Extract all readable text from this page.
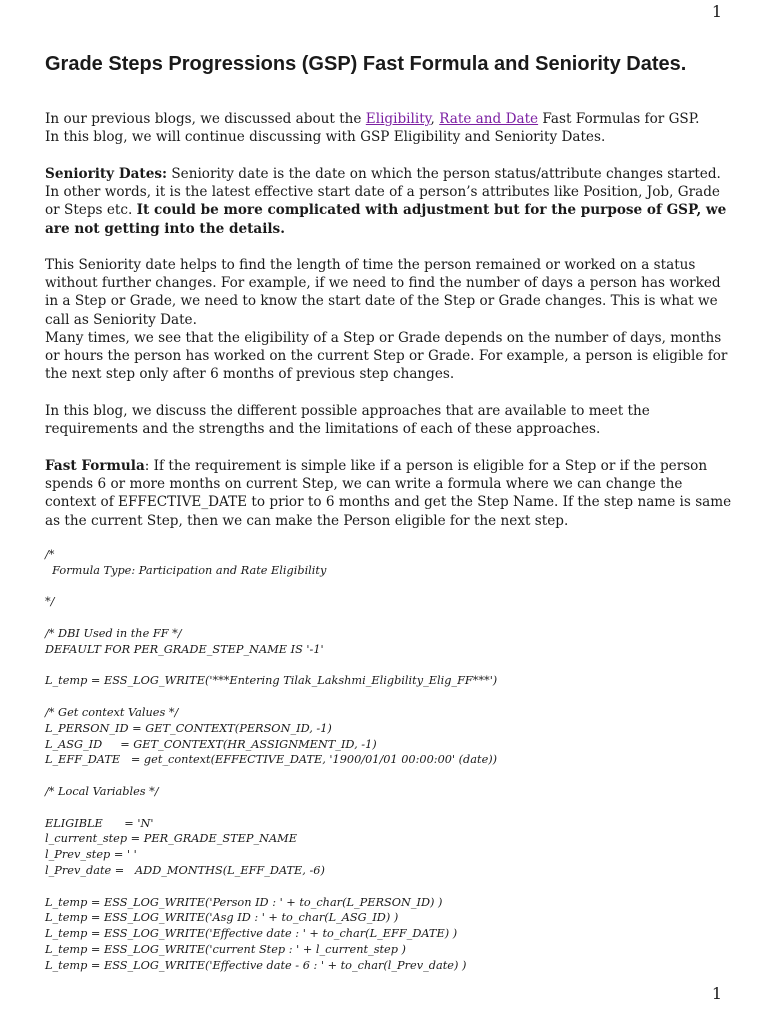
1
Grade Steps Progressions (GSP) Fast Formula and Seniority Dates.

In our previous blogs, we discussed about the Eligibility, Rate and Date Fast Formulas for GSP.

In this blog, we will continue discussing with GSP Eligibility and Seniority Dates.

Seniority Dates: Seniority date is the date on which the person status/attribute changes started. In other words, it is the latest effective start date of a person’s attributes like Position, Job, Grade or Steps etc. It could be more complicated with adjustment but for the purpose of GSP, we are not getting into the details.

This Seniority date helps to find the length of time the person remained or worked on a status without further changes. For example, if we need to find the number of days a person has worked in a Step or Grade, we need to know the start date of the Step or Grade changes. This is what we call as Seniority Date.

Many times, we see that the eligibility of a Step or Grade depends on the number of days, months or hours the person has worked on the current Step or Grade. For example, a person is eligible for the next step only after 6 months of previous step changes.

In this blog, we discuss the different possible approaches that are available to meet the requirements and the strengths and the limitations of each of these approaches.

Fast Formula: If the requirement is simple like if a person is eligible for a Step or if the person spends 6 or more months on current Step, we can write a formula where we can change the context of EFFECTIVE_DATE to prior to 6 months and get the Step Name. If the step name is same as the current Step, then we can make the Person eligible for the next step.

/*
Formula Type: Participation and Rate Eligibility
*/
/* DBI Used in the FF */
DEFAULT FOR PER_GRADE_STEP_NAME IS '-1'
L_temp = ESS_LOG_WRITE('***Entering Tilak_Lakshmi_Eligbility_Elig_FF***')
/* Get context Values */
L_PERSON_ID = GET_CONTEXT(PERSON_ID, -1)
L_ASG_ID     = GET_CONTEXT(HR_ASSIGNMENT_ID, -1)
L_EFF_DATE   = get_context(EFFECTIVE_DATE, '1900/01/01 00:00:00' (date))
/* Local Variables */
ELIGIBLE      = 'N'
l_current_step = PER_GRADE_STEP_NAME
l_Prev_step = ' '
l_Prev_date =   ADD_MONTHS(L_EFF_DATE, -6)
L_temp = ESS_LOG_WRITE('Person ID : ' + to_char(L_PERSON_ID) )
L_temp = ESS_LOG_WRITE('Asg ID : ' + to_char(L_ASG_ID) )
L_temp = ESS_LOG_WRITE('Effective date : ' + to_char(L_EFF_DATE) )
L_temp = ESS_LOG_WRITE('current Step : ' + l_current_step )
L_temp = ESS_LOG_WRITE('Effective date - 6 : ' + to_char(l_Prev_date) )
1
